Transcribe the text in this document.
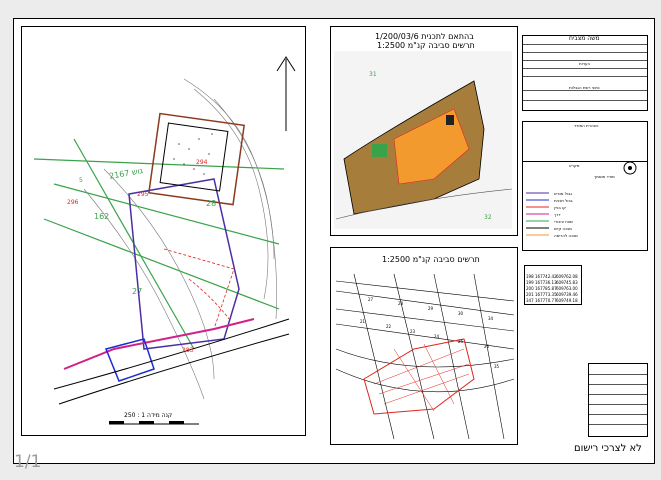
2167 גוש
28
27
162
296
295
294
283
5
קנה מידה 1 : 250
בהתאם לתכנית 1/200/03/6
תרשים סביבה קנ"מ 1:2500
31
32
תרשים סביבה קנ"מ 1:2500
21
22
23
24
25
26
27
28
29
30
34
35
משה מצביח
הערות
נתוני רשת הגבלות
הצהרת המודד
מקרא
מודד מוסמך
גבול מגרש
גבול תכנית
קו בניין
דרך
שטח ציבורי
מבנה קיים
מבנה להריסה
198 167742.42 609762.08
199 167736.13 609745.83
200 167785.87 609763.00
201 167773.35 609739.46
347 167770.77 609749.18
לא לצרכי רישום
1/1
